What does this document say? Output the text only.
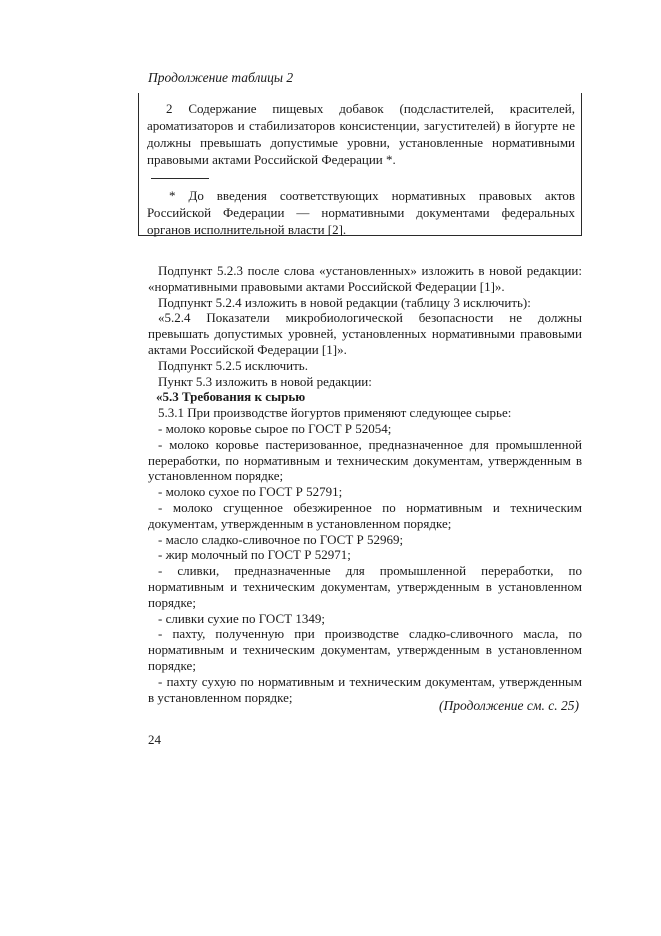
Продолжение таблицы 2

2 Содержание пищевых добавок (подсластителей, красителей, ароматизаторов и стабилизаторов консистенции, загустителей) в йогурте не должны превышать допустимые уровни, установленные нормативными правовыми актами Российской Федерации *.

* До введения соответствующих нормативных правовых актов Российской Федерации — нормативными документами федеральных органов исполнительной власти [2].

Подпункт 5.2.3 после слова «установленных» изложить в новой редакции: «нормативными правовыми актами Российской Федерации [1]».

Подпункт 5.2.4 изложить в новой редакции (таблицу 3 исключить):

«5.2.4 Показатели микробиологической безопасности не должны превышать допустимых уровней, установленных нормативными правовыми актами Российской Федерации [1]».

Подпункт 5.2.5 исключить.

Пункт 5.3 изложить в новой редакции:

«5.3 Требования к сырью

5.3.1 При производстве йогуртов применяют следующее сырье:

- молоко коровье сырое по ГОСТ Р 52054;

- молоко коровье пастеризованное, предназначенное для промышленной переработки, по нормативным и техническим документам, утвержденным в установленном порядке;

- молоко сухое по ГОСТ Р 52791;

- молоко сгущенное обезжиренное по нормативным и техническим документам, утвержденным в установленном порядке;

- масло сладко-сливочное по ГОСТ Р 52969;

- жир молочный по ГОСТ Р 52971;

- сливки, предназначенные для промышленной переработки, по нормативным и техническим документам, утвержденным в установленном порядке;

- сливки сухие по ГОСТ 1349;

- пахту, полученную при производстве сладко-сливочного масла, по нормативным и техническим документам, утвержденным в установленном порядке;

- пахту сухую по нормативным и техническим документам, утвержденным в установленном порядке;

(Продолжение см. с. 25)
24
